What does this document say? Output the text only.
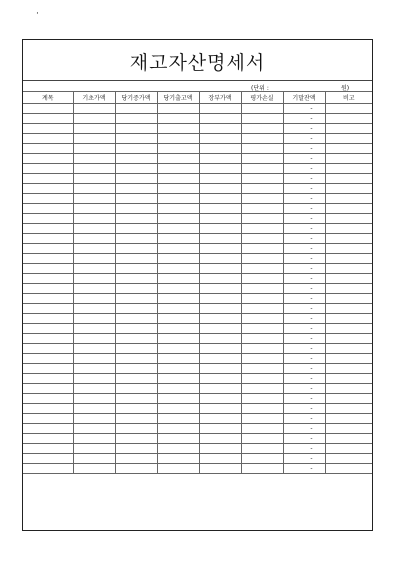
·
재고자산명세서
(단위 :	원)
계목	기초가액	당기증가액	당기출고액	장부가액	평가손실	기말잔액	비고
						-	
						-	
						-	
						-	
						-	
						-	
						-	
						-	
						-	
						-	
						-	
						-	
						-	
						-	
						-	
						-	
						-	
						-	
						-	
						-	
						-	
						-	
						-	
						-	
						-	
						-	
						-	
						-	
						-	
						-	
						-	
						-	
						-	
						-	
						-	
						-	
						-	
